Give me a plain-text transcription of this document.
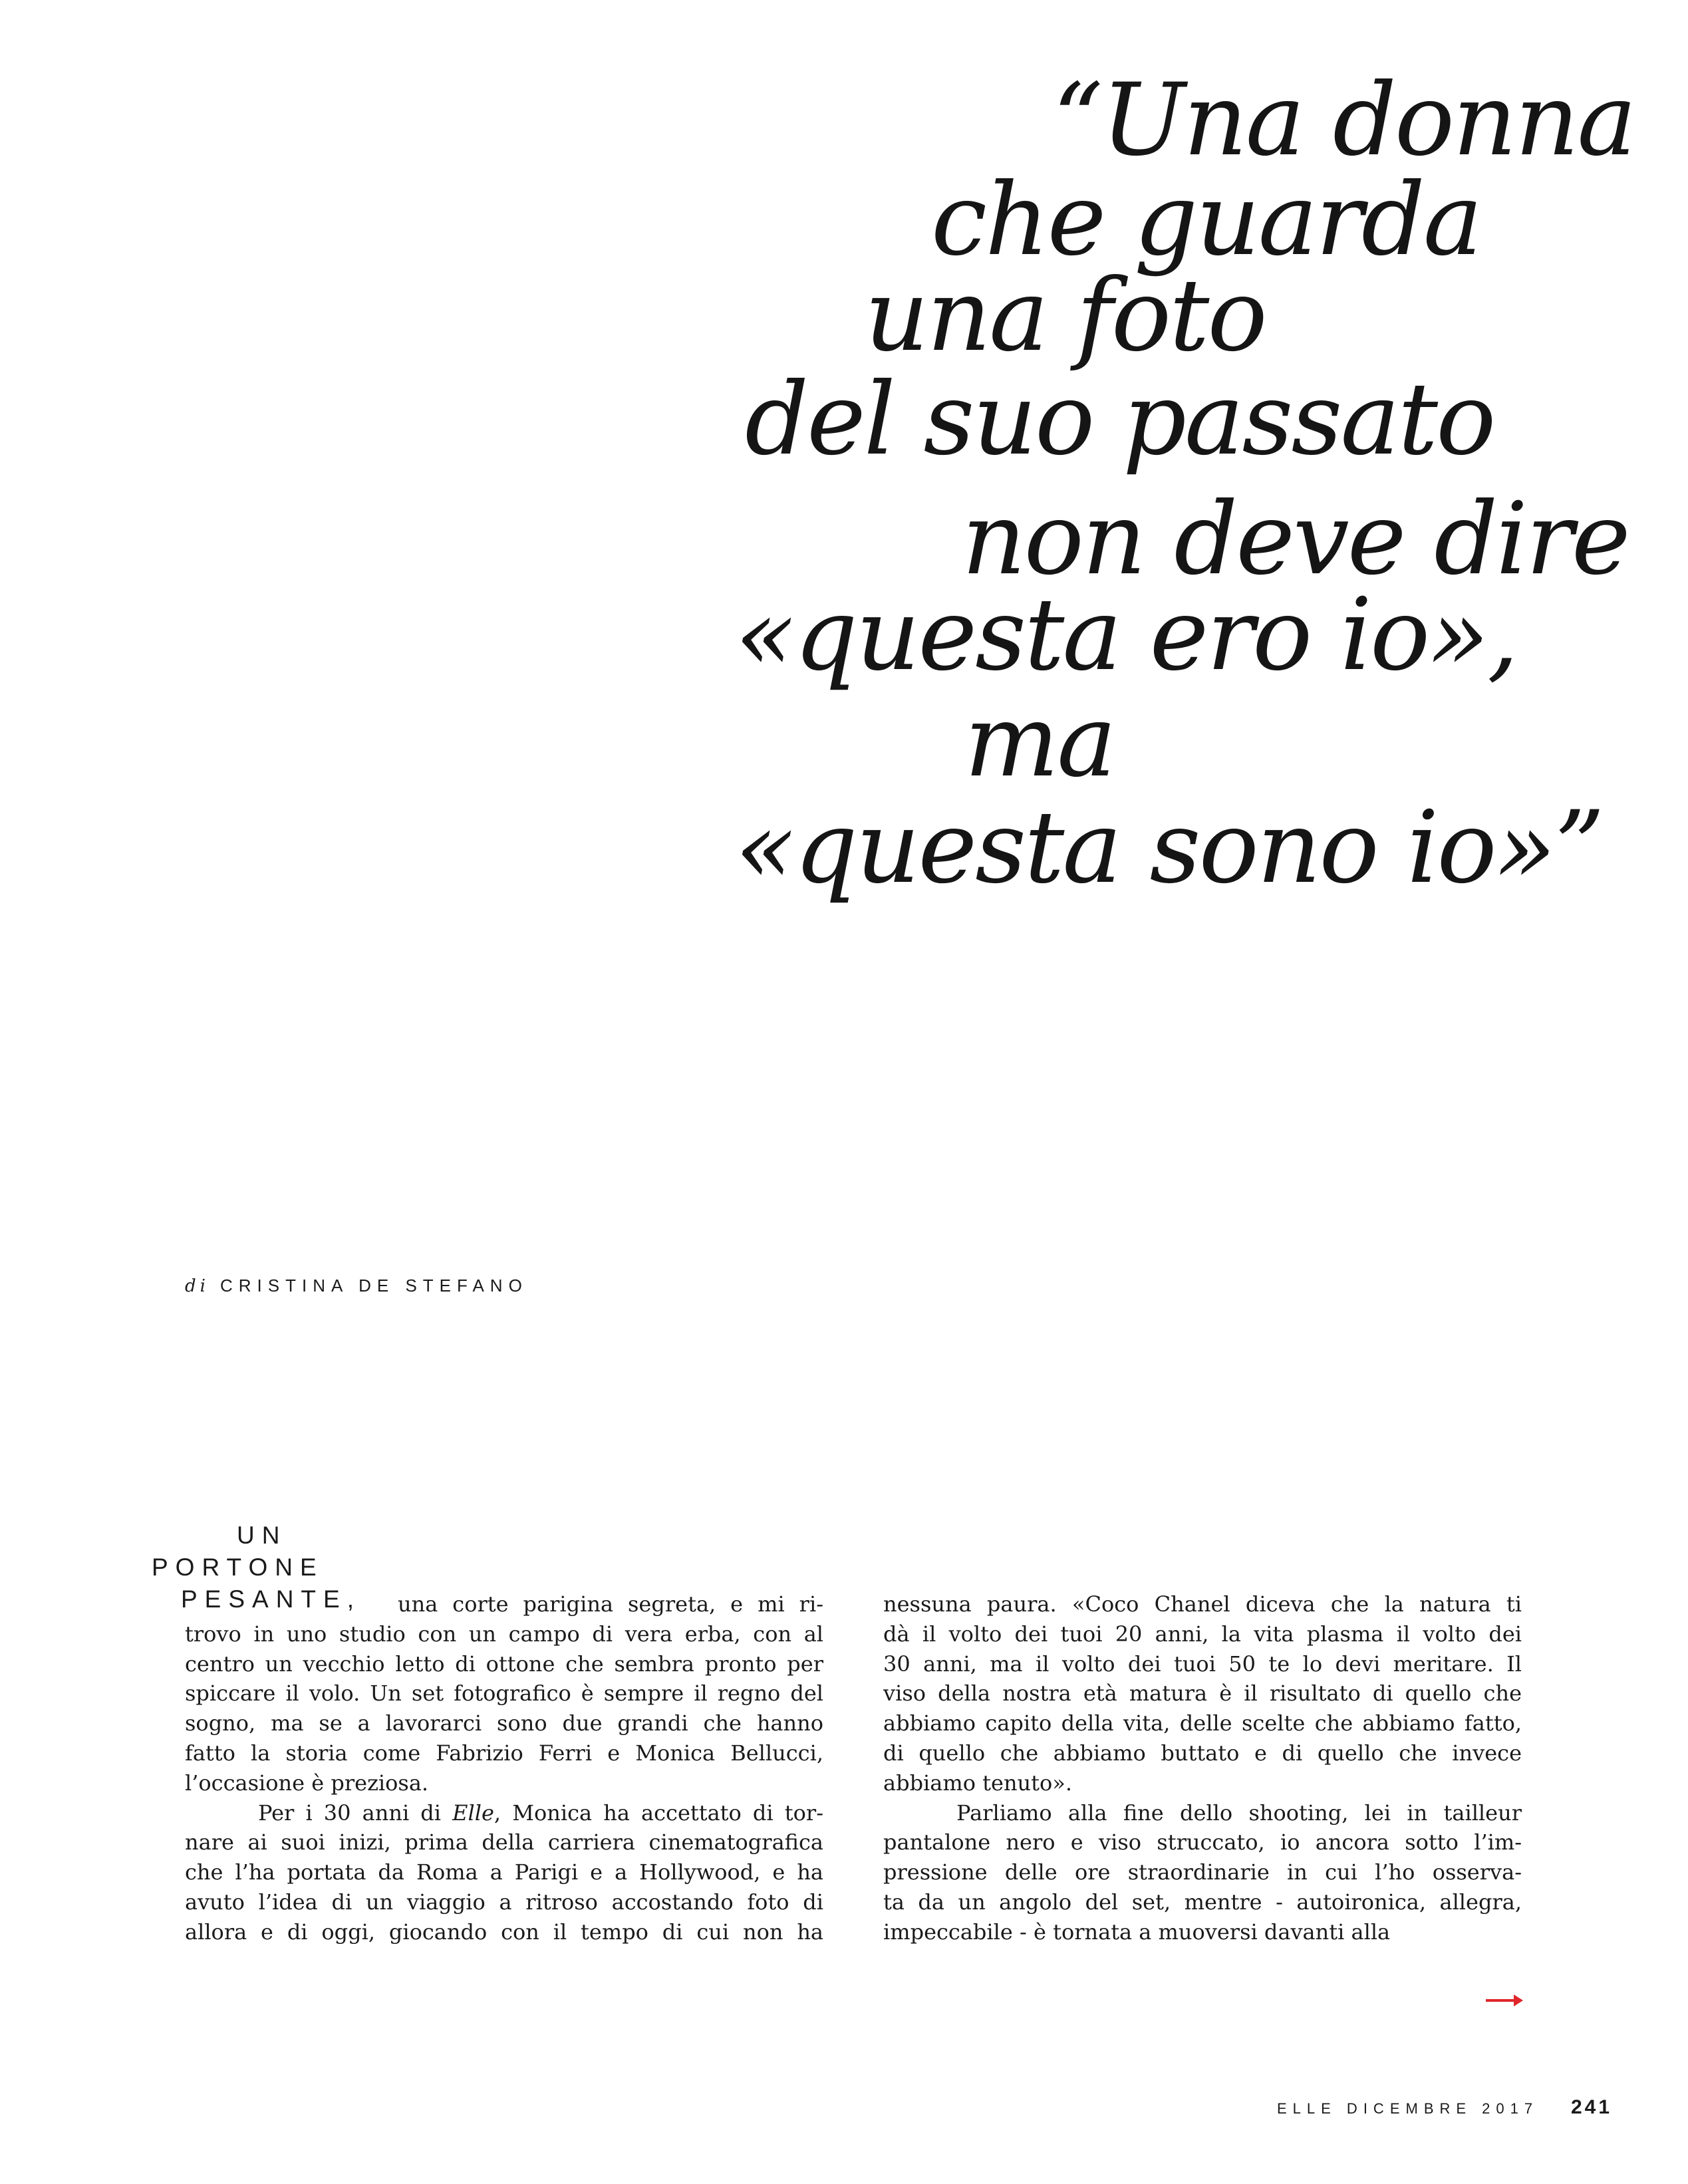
“Una donna
che guarda
una foto
del suo passato
non deve dire
«questa ero io»,
ma
«questa sono io»”
di CRISTINA DE STEFANO
UN
PORTONE
PESANTE,	una corte parigina segreta, e mi ri-
trovo in uno studio con un campo di vera erba, con al
centro un vecchio letto di ottone che sembra pronto per
spiccare il volo. Un set fotografico è sempre il regno del
sogno, ma se a lavorarci sono due grandi che hanno
fatto la storia come Fabrizio Ferri e Monica Bellucci,
l’occasione è preziosa.
Per i 30 anni di Elle, Monica ha accettato di tor-
nare ai suoi inizi, prima della carriera cinematografica
che l’ha portata da Roma a Parigi e a Hollywood, e ha
avuto l’idea di un viaggio a ritroso accostando foto di
allora e di oggi, giocando con il tempo di cui non ha
nessuna paura. «Coco Chanel diceva che la natura ti
dà il volto dei tuoi 20 anni, la vita plasma il volto dei
30 anni, ma il volto dei tuoi 50 te lo devi meritare. Il
viso della nostra età matura è il risultato di quello che
abbiamo capito della vita, delle scelte che abbiamo fatto,
di quello che abbiamo buttato e di quello che invece
abbiamo tenuto».
Parliamo alla fine dello shooting, lei in tailleur
pantalone nero e viso struccato, io ancora sotto l’im-
pressione delle ore straordinarie in cui l’ho osserva-
ta da un angolo del set, mentre - autoironica, allegra,
impeccabile - è tornata a muoversi davanti alla
ELLE DICEMBRE 2017 241
